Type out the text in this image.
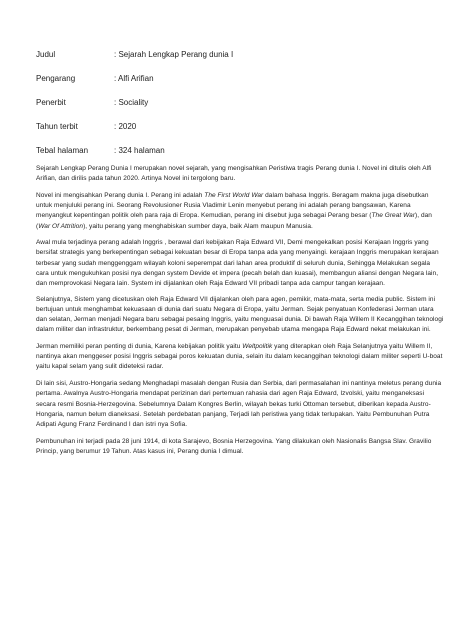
Judul	: Sejarah Lengkap Perang dunia I
Pengarang	: Alfi Arifian
Penerbit	: Sociality
Tahun terbit	: 2020
Tebal halaman	: 324 halaman

Sejarah Lengkap Perang Dunia I merupakan novel sejarah, yang mengisahkan Peristiwa tragis Perang dunia I. Novel ini ditulis oleh Alfi Arifian, dan dirilis pada tahun 2020. Artinya Novel ini tergolong baru.

Novel ini mengisahkan Perang dunia I. Perang ini adalah The First World War dalam bahasa Inggris. Beragam makna juga disebutkan untuk menjuluki perang ini. Seorang Revolusioner Rusia Vladimir Lenin menyebut perang ini adalah perang bangsawan, Karena menyangkut kepentingan politik oleh para raja di Eropa. Kemudian, perang ini disebut juga sebagai Perang besar (The Great War), dan (War Of Attrition), yaitu perang yang menghabiskan sumber daya, baik Alam maupun Manusia.

Awal mula terjadinya perang adalah Inggris , berawal dari kebijakan Raja Edward VII, Demi mengekalkan posisi Kerajaan Inggris yang bersifat strategis yang berkepentingan sebagai kekuatan besar di Eropa tanpa ada yang menyaingi. kerajaan Inggris merupakan kerajaan terbesar yang sudah menggenggam wilayah koloni seperempat dari lahan area produktif di seluruh dunia, Sehingga Melakukan segala cara untuk mengukuhkan posisi nya dengan system Devide et impera (pecah belah dan kuasai), membangun aliansi dengan Negara lain, dan memprovokasi Negara lain. System ini dijalankan oleh Raja Edward VII pribadi tanpa ada campur tangan kerajaan.

Selanjutnya, Sistem yang dicetuskan oleh Raja Edward VII dijalankan oleh para agen, pemikir, mata-mata, serta media public. Sistem ini bertujuan untuk menghambat kekuasaan di dunia dari suatu Negara di Eropa, yaitu Jerman. Sejak penyatuan Konfederasi Jerman utara dan selatan, Jerman menjadi Negara baru sebagai pesaing Inggris, yaitu menguasai dunia. Di bawah Raja Willem II Kecanggihan teknologi dalam militer dan infrastruktur, berkembang pesat di Jerman, merupakan penyebab utama mengapa Raja Edward nekat melakukan ini.

Jerman memiliki peran penting di dunia, Karena kebijakan politik yaitu Weltpolitik yang diterapkan oleh Raja Selanjutnya yaitu Willem II, nantinya akan menggeser posisi Inggris sebagai poros kekuatan dunia, selain itu dalam kecanggihan teknologi dalam militer seperti U-boat yaitu kapal selam yang sulit dideteksi radar.

Di lain sisi, Austro-Hongaria sedang Menghadapi masalah dengan Rusia dan Serbia, dari permasalahan ini nantinya meletus perang dunia pertama. Awalnya Austro-Hongaria mendapat perizinan dari pertemuan rahasia dari agen Raja Edward, Izvolski, yaitu menganeksasi secara resmi Bosnia-Herzegovina. Sebelumnya Dalam Kongres Berlin, wilayah bekas turki Ottoman tersebut, diberikan kepada Austro-Hongaria, namun belum dianeksasi. Setelah perdebatan panjang, Terjadi lah peristiwa yang tidak terlupakan. Yaitu Pembunuhan Putra Adipati Agung Franz Ferdinand I dan istri nya Sofia.

Pembunuhan ini terjadi pada 28 juni 1914, di kota Sarajevo, Bosnia Herzegovina. Yang dilakukan oleh Nasionalis Bangsa Slav. Gravilio Princip, yang berumur 19 Tahun. Atas kasus ini, Perang dunia I dimual.
